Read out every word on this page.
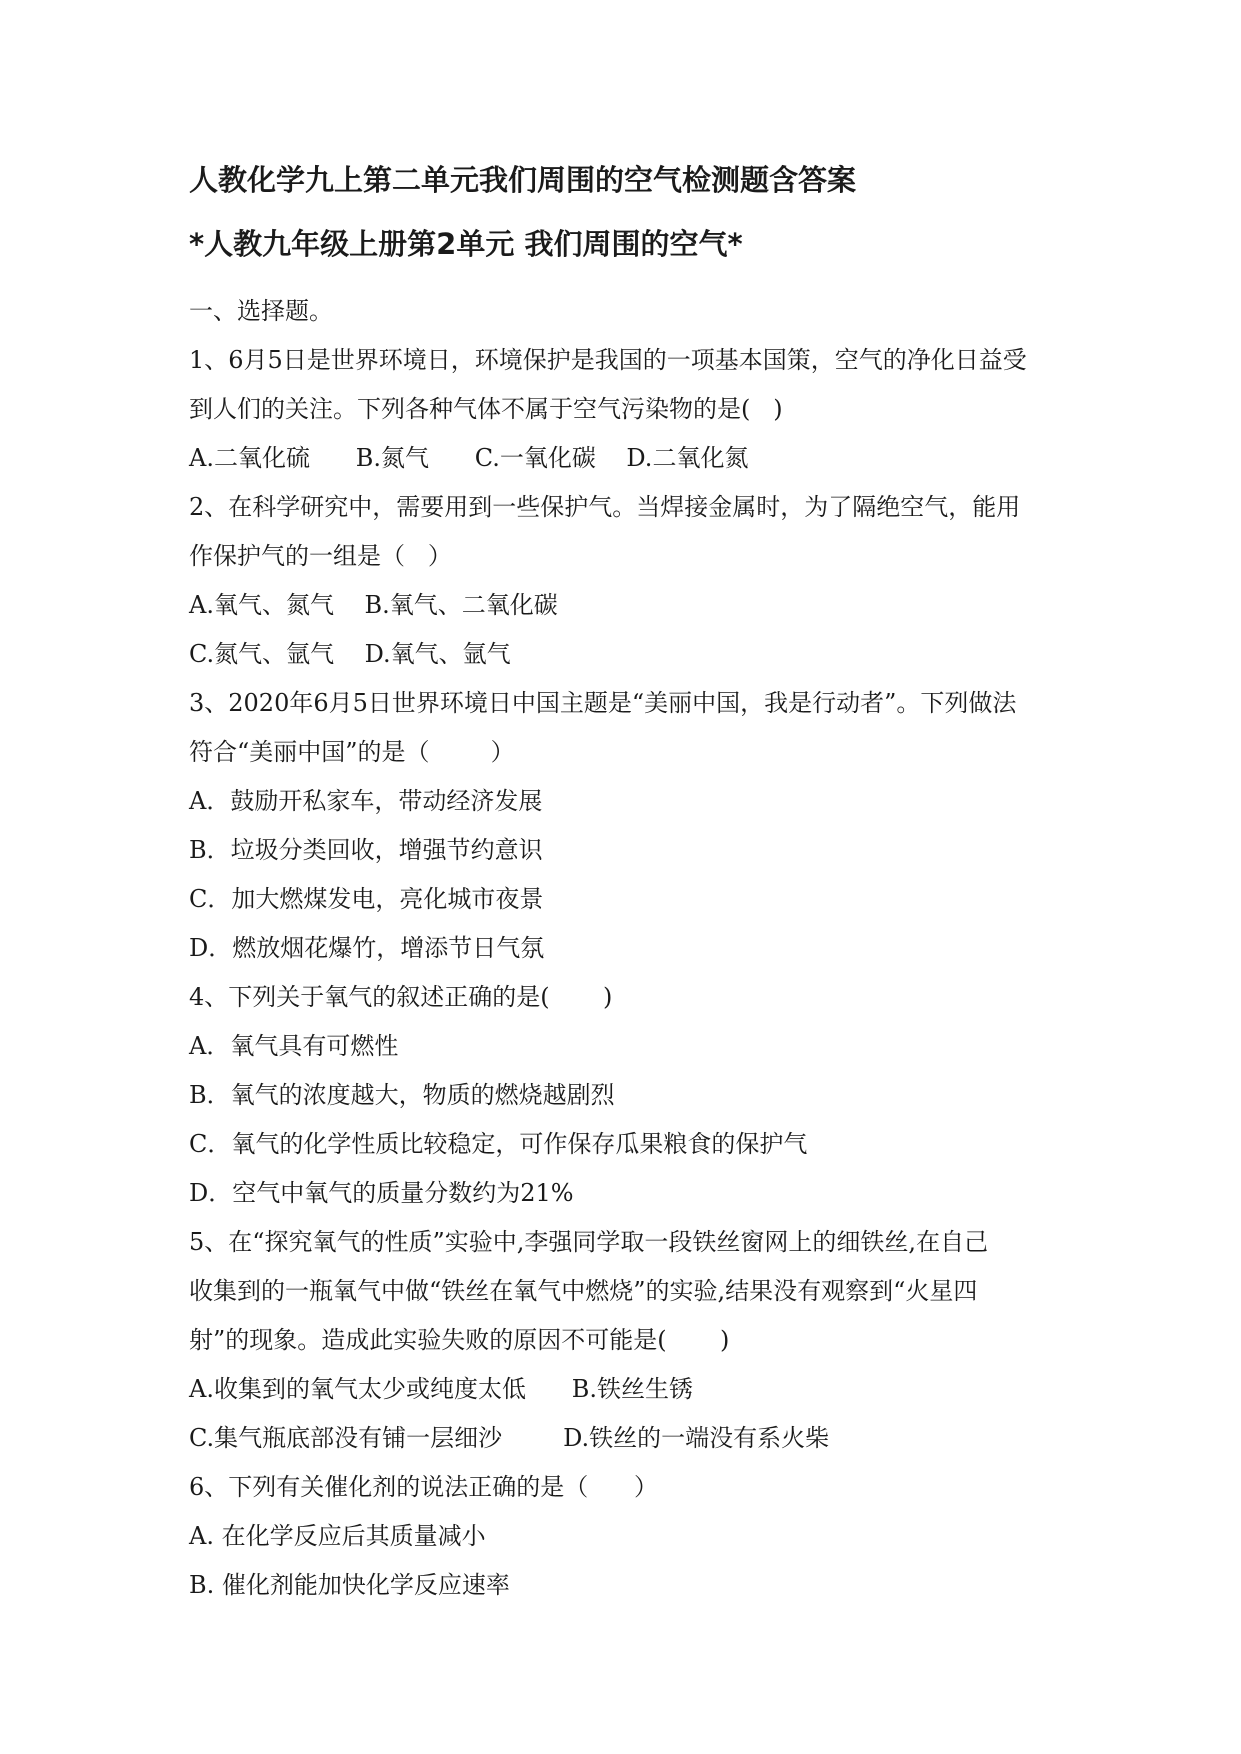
人教化学九上第二单元我们周围的空气检测题含答案
*人教九年级上册第2单元 我们周围的空气*
一、选择题。
1、6月5日是世界环境日，环境保护是我国的一项基本国策，空气的净化日益受
到人们的关注。下列各种气体不属于空气污染物的是(   )
A.二氧化硫      B.氮气      C.一氧化碳    D.二氧化氮
2、在科学研究中，需要用到一些保护气。当焊接金属时，为了隔绝空气，能用
作保护气的一组是（   ）
A.氧气、氮气    B.氧气、二氧化碳
C.氮气、氩气    D.氧气、氩气
3、2020年6月5日世界环境日中国主题是“美丽中国，我是行动者”。下列做法
符合“美丽中国”的是（        ）
A．鼓励开私家车，带动经济发展
B．垃圾分类回收，增强节约意识
C．加大燃煤发电，亮化城市夜景
D．燃放烟花爆竹，增添节日气氛
4、下列关于氧气的叙述正确的是(       )
A．氧气具有可燃性
B．氧气的浓度越大，物质的燃烧越剧烈
C．氧气的化学性质比较稳定，可作保存瓜果粮食的保护气
D．空气中氧气的质量分数约为21%
5、在“探究氧气的性质”实验中,李强同学取一段铁丝窗网上的细铁丝,在自己
收集到的一瓶氧气中做“铁丝在氧气中燃烧”的实验,结果没有观察到“火星四
射”的现象。造成此实验失败的原因不可能是(       )
A.收集到的氧气太少或纯度太低      B.铁丝生锈
C.集气瓶底部没有铺一层细沙        D.铁丝的一端没有系火柴
6、下列有关催化剂的说法正确的是（      ）
A. 在化学反应后其质量减小
B. 催化剂能加快化学反应速率
